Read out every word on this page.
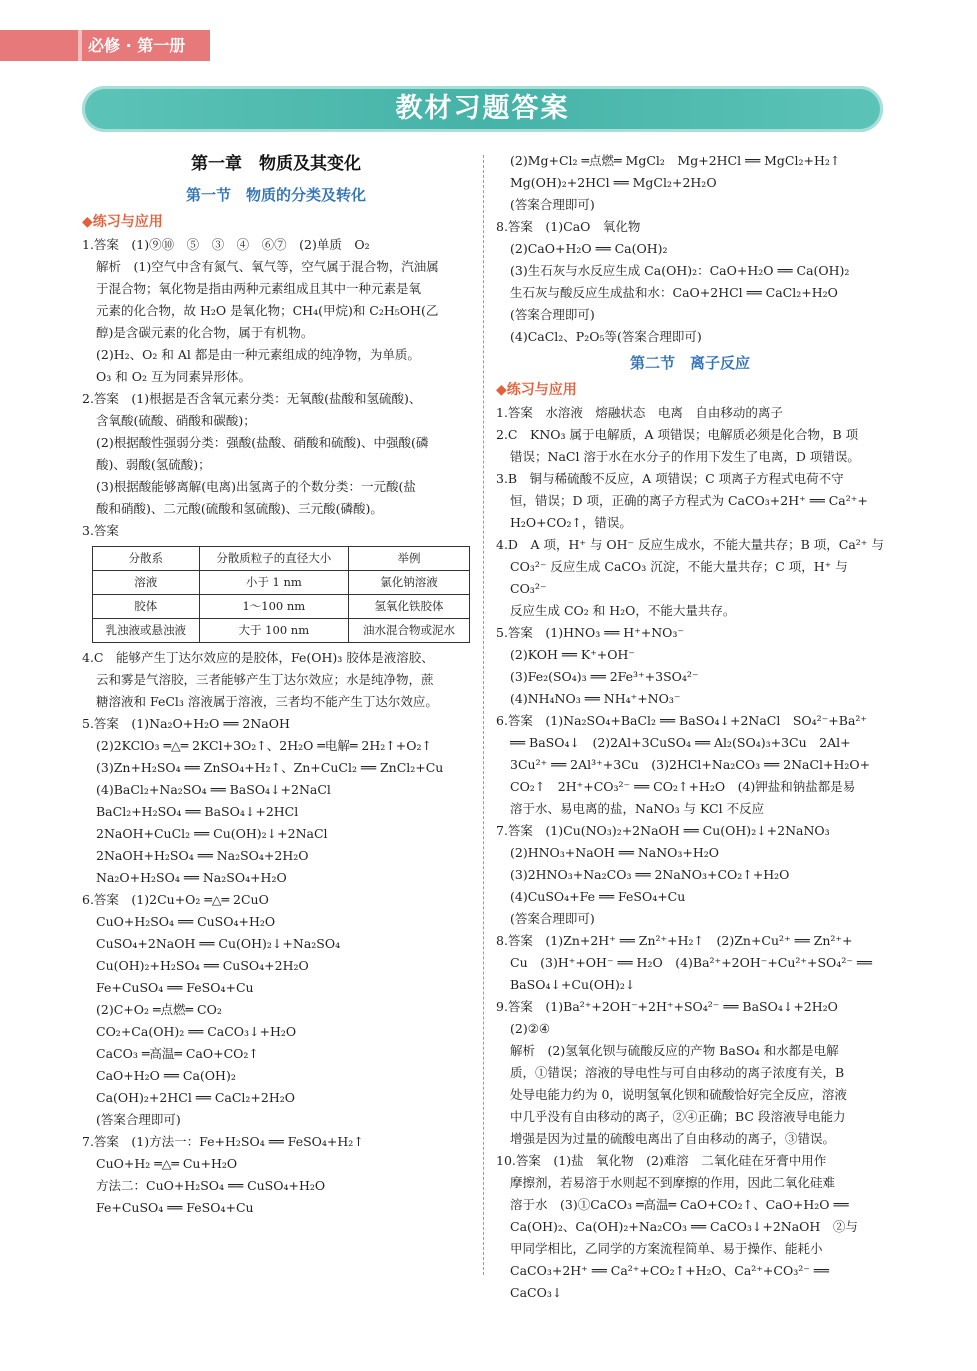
必修 · 第一册
教材习题答案
第一章　物质及其变化
第一节　物质的分类及转化
◆练习与应用

1.答案　(1)⑨⑩　⑤　③　④　⑥⑦　(2)单质　O₂

解析　(1)空气中含有氮气、氧气等，空气属于混合物，汽油属

于混合物；氧化物是指由两种元素组成且其中一种元素是氧

元素的化合物，故 H₂O 是氧化物；CH₄(甲烷)和 C₂H₅OH(乙

醇)是含碳元素的化合物，属于有机物。

(2)H₂、O₂ 和 Al 都是由一种元素组成的纯净物，为单质。

O₃ 和 O₂ 互为同素异形体。

2.答案　(1)根据是否含氧元素分类：无氧酸(盐酸和氢硫酸)、

含氧酸(硫酸、硝酸和碳酸)；

(2)根据酸性强弱分类：强酸(盐酸、硝酸和硫酸)、中强酸(磷

酸)、弱酸(氢硫酸)；

(3)根据酸能够离解(电离)出氢离子的个数分类：一元酸(盐

酸和硝酸)、二元酸(硫酸和氢硫酸)、三元酸(磷酸)。

3.答案

分散系	分散质粒子的直径大小	举例
溶液	小于 1 nm	氯化钠溶液
胶体	1～100 nm	氢氧化铁胶体
乳浊液或悬浊液	大于 100 nm	油水混合物或泥水

4.C　能够产生丁达尔效应的是胶体，Fe(OH)₃ 胶体是液溶胶、

云和雾是气溶胶，三者能够产生丁达尔效应；水是纯净物，蔗

糖溶液和 FeCl₃ 溶液属于溶液，三者均不能产生丁达尔效应。

5.答案　(1)Na₂O+H₂O ══ 2NaOH

(2)2KClO₃ ═△═ 2KCl+3O₂↑、2H₂O ═电解═ 2H₂↑+O₂↑

(3)Zn+H₂SO₄ ══ ZnSO₄+H₂↑、Zn+CuCl₂ ══ ZnCl₂+Cu

(4)BaCl₂+Na₂SO₄ ══ BaSO₄↓+2NaCl

BaCl₂+H₂SO₄ ══ BaSO₄↓+2HCl

2NaOH+CuCl₂ ══ Cu(OH)₂↓+2NaCl

2NaOH+H₂SO₄ ══ Na₂SO₄+2H₂O

Na₂O+H₂SO₄ ══ Na₂SO₄+H₂O

6.答案　(1)2Cu+O₂ ═△═ 2CuO

CuO+H₂SO₄ ══ CuSO₄+H₂O

CuSO₄+2NaOH ══ Cu(OH)₂↓+Na₂SO₄

Cu(OH)₂+H₂SO₄ ══ CuSO₄+2H₂O

Fe+CuSO₄ ══ FeSO₄+Cu

(2)C+O₂ ═点燃═ CO₂

CO₂+Ca(OH)₂ ══ CaCO₃↓+H₂O

CaCO₃ ═高温═ CaO+CO₂↑

CaO+H₂O ══ Ca(OH)₂

Ca(OH)₂+2HCl ══ CaCl₂+2H₂O

(答案合理即可)

7.答案　(1)方法一：Fe+H₂SO₄ ══ FeSO₄+H₂↑

CuO+H₂ ═△═ Cu+H₂O

方法二：CuO+H₂SO₄ ══ CuSO₄+H₂O

Fe+CuSO₄ ══ FeSO₄+Cu

(2)Mg+Cl₂ ═点燃═ MgCl₂　Mg+2HCl ══ MgCl₂+H₂↑

Mg(OH)₂+2HCl ══ MgCl₂+2H₂O

(答案合理即可)

8.答案　(1)CaO　氧化物

(2)CaO+H₂O ══ Ca(OH)₂

(3)生石灰与水反应生成 Ca(OH)₂：CaO+H₂O ══ Ca(OH)₂

生石灰与酸反应生成盐和水：CaO+2HCl ══ CaCl₂+H₂O

(答案合理即可)

(4)CaCl₂、P₂O₅等(答案合理即可)

第二节　离子反应
◆练习与应用

1.答案　水溶液　熔融状态　电离　自由移动的离子

2.C　KNO₃ 属于电解质，A 项错误；电解质必须是化合物，B 项

错误；NaCl 溶于水在水分子的作用下发生了电离，D 项错误。

3.B　铜与稀硫酸不反应，A 项错误；C 项离子方程式电荷不守

恒，错误；D 项，正确的离子方程式为 CaCO₃+2H⁺ ══ Ca²⁺+

H₂O+CO₂↑，错误。

4.D　A 项，H⁺ 与 OH⁻ 反应生成水，不能大量共存；B 项，Ca²⁺ 与

CO₃²⁻ 反应生成 CaCO₃ 沉淀，不能大量共存；C 项，H⁺ 与 CO₃²⁻

反应生成 CO₂ 和 H₂O，不能大量共存。

5.答案　(1)HNO₃ ══ H⁺+NO₃⁻

(2)KOH ══ K⁺+OH⁻

(3)Fe₂(SO₄)₃ ══ 2Fe³⁺+3SO₄²⁻

(4)NH₄NO₃ ══ NH₄⁺+NO₃⁻

6.答案　(1)Na₂SO₄+BaCl₂ ══ BaSO₄↓+2NaCl　SO₄²⁻+Ba²⁺

══ BaSO₄↓　(2)2Al+3CuSO₄ ══ Al₂(SO₄)₃+3Cu　2Al+

3Cu²⁺ ══ 2Al³⁺+3Cu　(3)2HCl+Na₂CO₃ ══ 2NaCl+H₂O+

CO₂↑　2H⁺+CO₃²⁻ ══ CO₂↑+H₂O　(4)钾盐和钠盐都是易

溶于水、易电离的盐，NaNO₃ 与 KCl 不反应

7.答案　(1)Cu(NO₃)₂+2NaOH ══ Cu(OH)₂↓+2NaNO₃

(2)HNO₃+NaOH ══ NaNO₃+H₂O

(3)2HNO₃+Na₂CO₃ ══ 2NaNO₃+CO₂↑+H₂O

(4)CuSO₄+Fe ══ FeSO₄+Cu

(答案合理即可)

8.答案　(1)Zn+2H⁺ ══ Zn²⁺+H₂↑　(2)Zn+Cu²⁺ ══ Zn²⁺+

Cu　(3)H⁺+OH⁻ ══ H₂O　(4)Ba²⁺+2OH⁻+Cu²⁺+SO₄²⁻ ══

BaSO₄↓+Cu(OH)₂↓

9.答案　(1)Ba²⁺+2OH⁻+2H⁺+SO₄²⁻ ══ BaSO₄↓+2H₂O

(2)②④

解析　(2)氢氧化钡与硫酸反应的产物 BaSO₄ 和水都是电解

质，①错误；溶液的导电性与可自由移动的离子浓度有关，B

处导电能力约为 0，说明氢氧化钡和硫酸恰好完全反应，溶液

中几乎没有自由移动的离子，②④正确；BC 段溶液导电能力

增强是因为过量的硫酸电离出了自由移动的离子，③错误。

10.答案　(1)盐　氧化物　(2)难溶　二氧化硅在牙膏中用作

摩擦剂，若易溶于水则起不到摩擦的作用，因此二氧化硅难

溶于水　(3)①CaCO₃ ═高温═ CaO+CO₂↑、CaO+H₂O ══

Ca(OH)₂、Ca(OH)₂+Na₂CO₃ ══ CaCO₃↓+2NaOH　②与

甲同学相比，乙同学的方案流程简单、易于操作、能耗小

CaCO₃+2H⁺ ══ Ca²⁺+CO₂↑+H₂O、Ca²⁺+CO₃²⁻ ══ CaCO₃↓
